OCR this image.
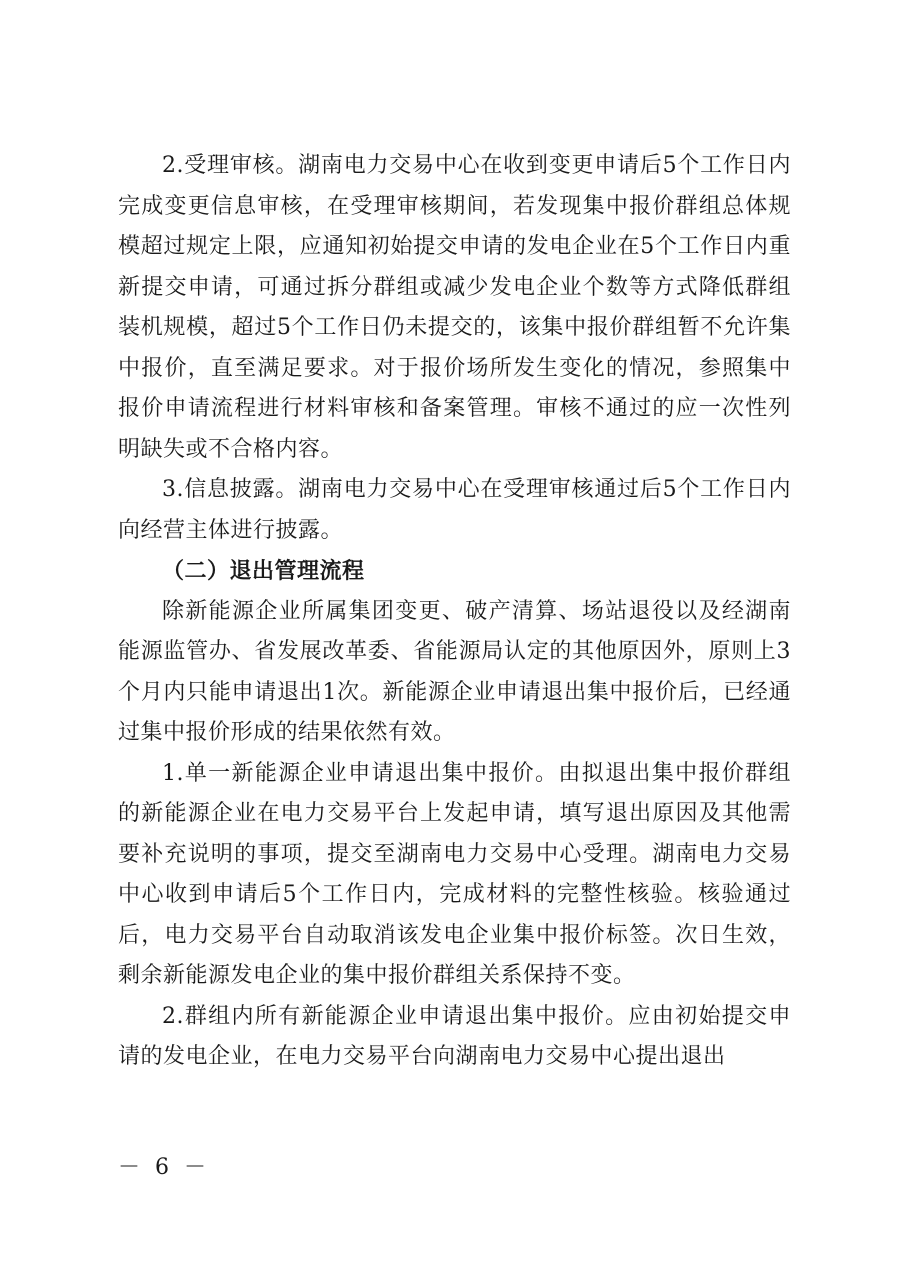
2.受理审核。湖南电力交易中心在收到变更申请后5个工作日内完成变更信息审核，在受理审核期间，若发现集中报价群组总体规模超过规定上限，应通知初始提交申请的发电企业在5个工作日内重新提交申请，可通过拆分群组或减少发电企业个数等方式降低群组装机规模，超过5个工作日仍未提交的，该集中报价群组暂不允许集中报价，直至满足要求。对于报价场所发生变化的情况，参照集中报价申请流程进行材料审核和备案管理。审核不通过的应一次性列明缺失或不合格内容。

3.信息披露。湖南电力交易中心在受理审核通过后5个工作日内向经营主体进行披露。

（二）退出管理流程

除新能源企业所属集团变更、破产清算、场站退役以及经湖南能源监管办、省发展改革委、省能源局认定的其他原因外，原则上3个月内只能申请退出1次。新能源企业申请退出集中报价后，已经通过集中报价形成的结果依然有效。

1.单一新能源企业申请退出集中报价。由拟退出集中报价群组的新能源企业在电力交易平台上发起申请，填写退出原因及其他需要补充说明的事项，提交至湖南电力交易中心受理。湖南电力交易中心收到申请后5个工作日内，完成材料的完整性核验。核验通过后，电力交易平台自动取消该发电企业集中报价标签。次日生效，剩余新能源发电企业的集中报价群组关系保持不变。

2.群组内所有新能源企业申请退出集中报价。应由初始提交申请的发电企业，在电力交易平台向湖南电力交易中心提出退出

－ 6 －
